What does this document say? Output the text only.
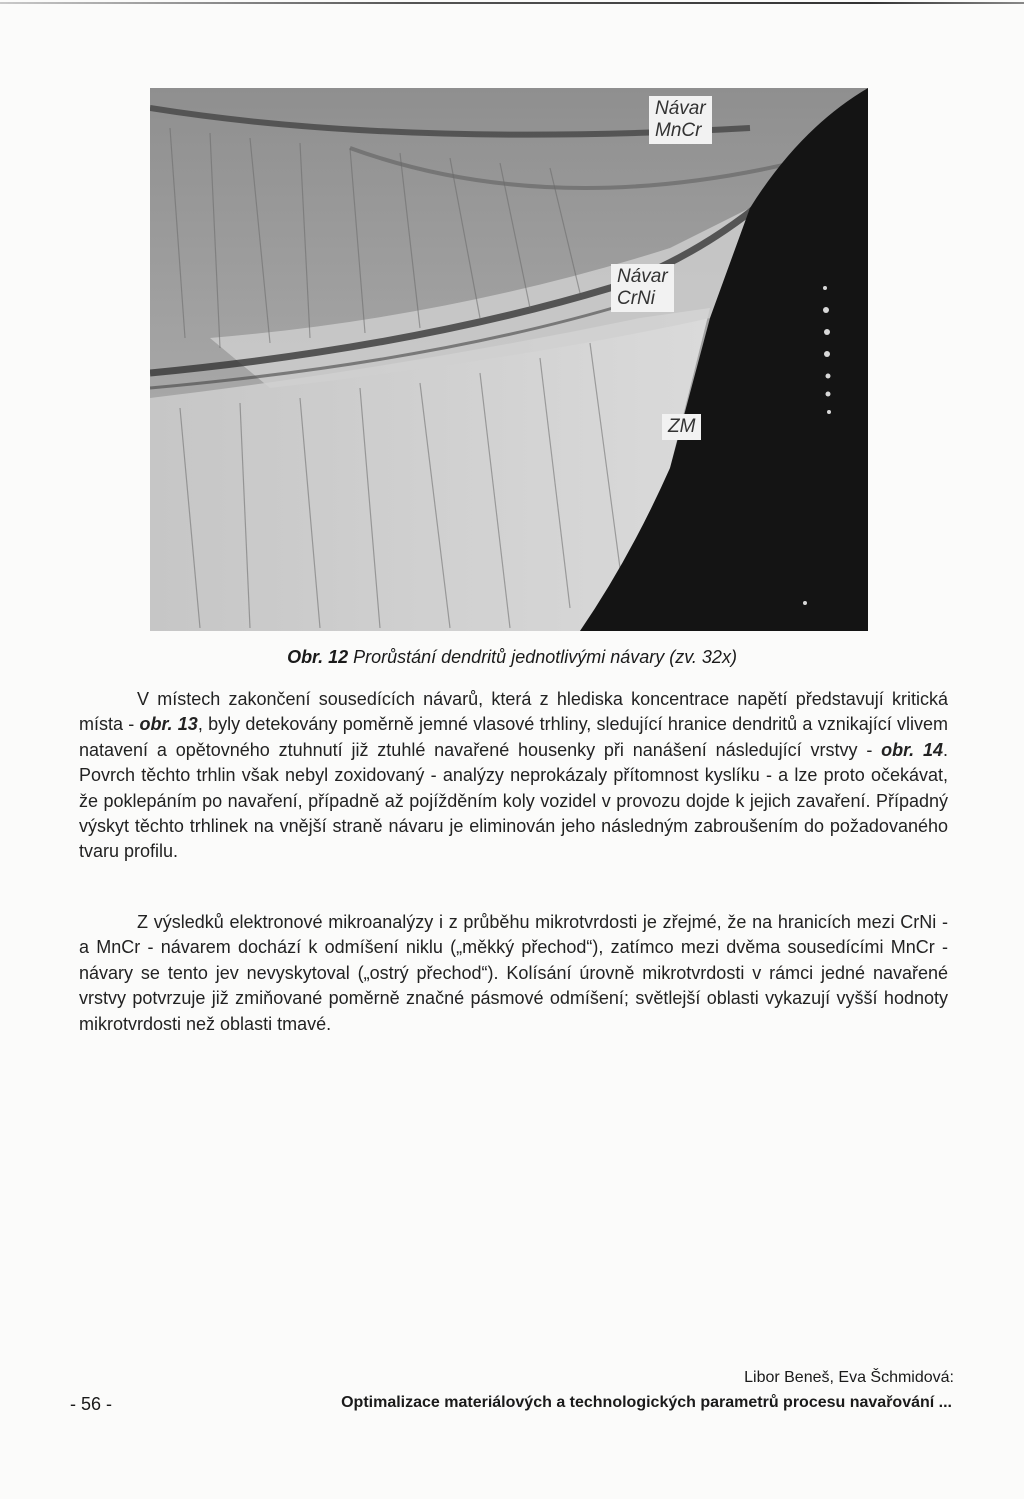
Návar
MnCr
Návar
CrNi
ZM
Obr. 12 Prorůstání dendritů jednotlivými návary (zv. 32x)

V místech zakončení sousedících návarů, která z hlediska koncentrace napětí představují kritická místa - obr. 13, byly detekovány poměrně jemné vlasové trhliny, sledující hranice dendritů a vznikající vlivem natavení a opětovného ztuhnutí již ztuhlé navařené housenky při nanášení následující vrstvy - obr. 14. Povrch těchto trhlin však nebyl zoxidovaný - analýzy neprokázaly přítomnost kyslíku - a lze proto očekávat, že poklepáním po navaření, případně až pojížděním koly vozidel v provozu dojde k jejich zavaření. Případný výskyt těchto trhlinek na vnější straně návaru je eliminován jeho následným zabroušením do požadovaného tvaru profilu.

Z výsledků elektronové mikroanalýzy i z průběhu mikrotvrdosti je zřejmé, že na hranicích mezi CrNi - a MnCr - návarem dochází k odmíšení niklu („měkký přechod“), zatímco mezi dvěma sousedícími MnCr - návary se tento jev nevyskytoval („ostrý přechod“). Kolísání úrovně mikrotvrdosti v rámci jedné navařené vrstvy potvrzuje již zmiňované poměrně značné pásmové odmíšení; světlejší oblasti vykazují vyšší hodnoty mikrotvrdosti než oblasti tmavé.

- 56 -
Libor Beneš, Eva Šchmidová:
Optimalizace materiálových a technologických parametrů procesu navařování ...
